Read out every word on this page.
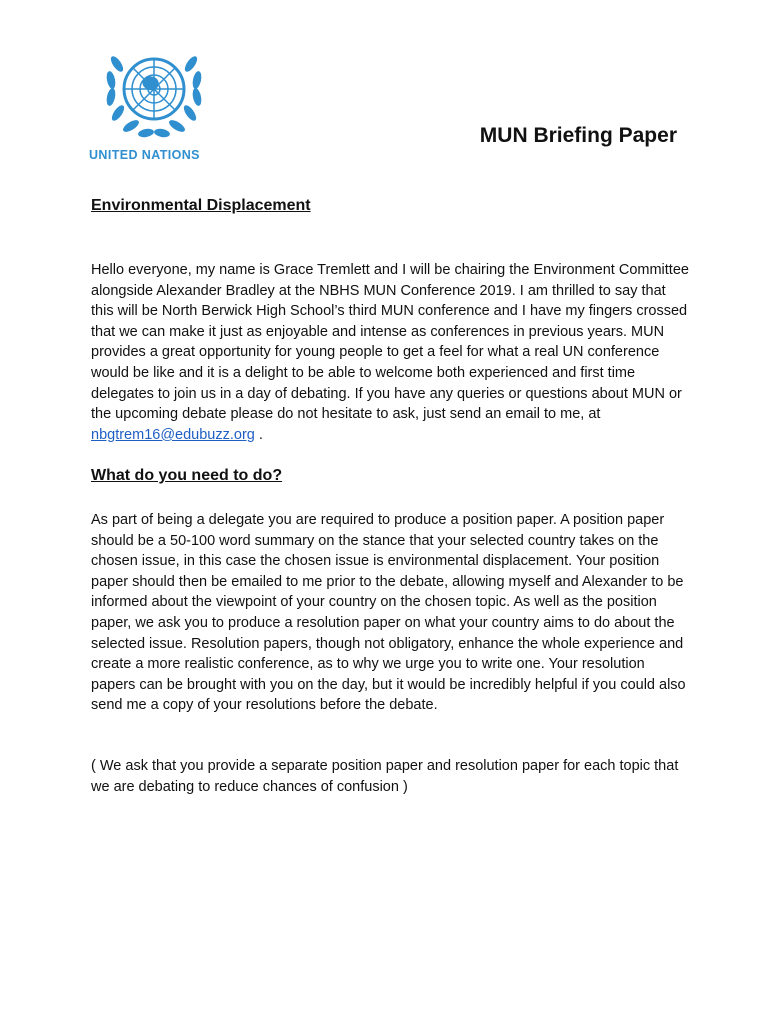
UNITED NATIONS
MUN Briefing Paper
Environmental Displacement

Hello everyone, my name is Grace Tremlett and I will be chairing the Environment Committee alongside Alexander Bradley at the NBHS MUN Conference 2019. I am thrilled to say that this will be North Berwick High School’s third MUN conference and I have my fingers crossed that we can make it just as enjoyable and intense as conferences in previous years. MUN provides a great opportunity for young people to get a feel for what a real UN conference would be like and it is a delight to be able to welcome both experienced and first time delegates to join us in a day of debating. If you have any queries or questions about MUN or the upcoming debate please do not hesitate to ask, just send an email to me, at nbgtrem16@edubuzz.org .

What do you need to do?

As part of being a delegate you are required to produce a position paper. A position paper should be a 50-100 word summary on the stance that your selected country takes on the chosen issue, in this case the chosen issue is environmental displacement. Your position paper should then be emailed to me prior to the debate, allowing myself and Alexander to be informed about the viewpoint of your country on the chosen topic. As well as the position paper, we ask you to produce a resolution paper on what your country aims to do about the selected issue. Resolution papers, though not obligatory, enhance the whole experience and create a more realistic conference, as to why we urge you to write one. Your resolution papers can be brought with you on the day, but it would be incredibly helpful if you could also send me a copy of your resolutions before the debate.

( We ask that you provide a separate position paper and resolution paper for each topic that we are debating to reduce chances of confusion )
